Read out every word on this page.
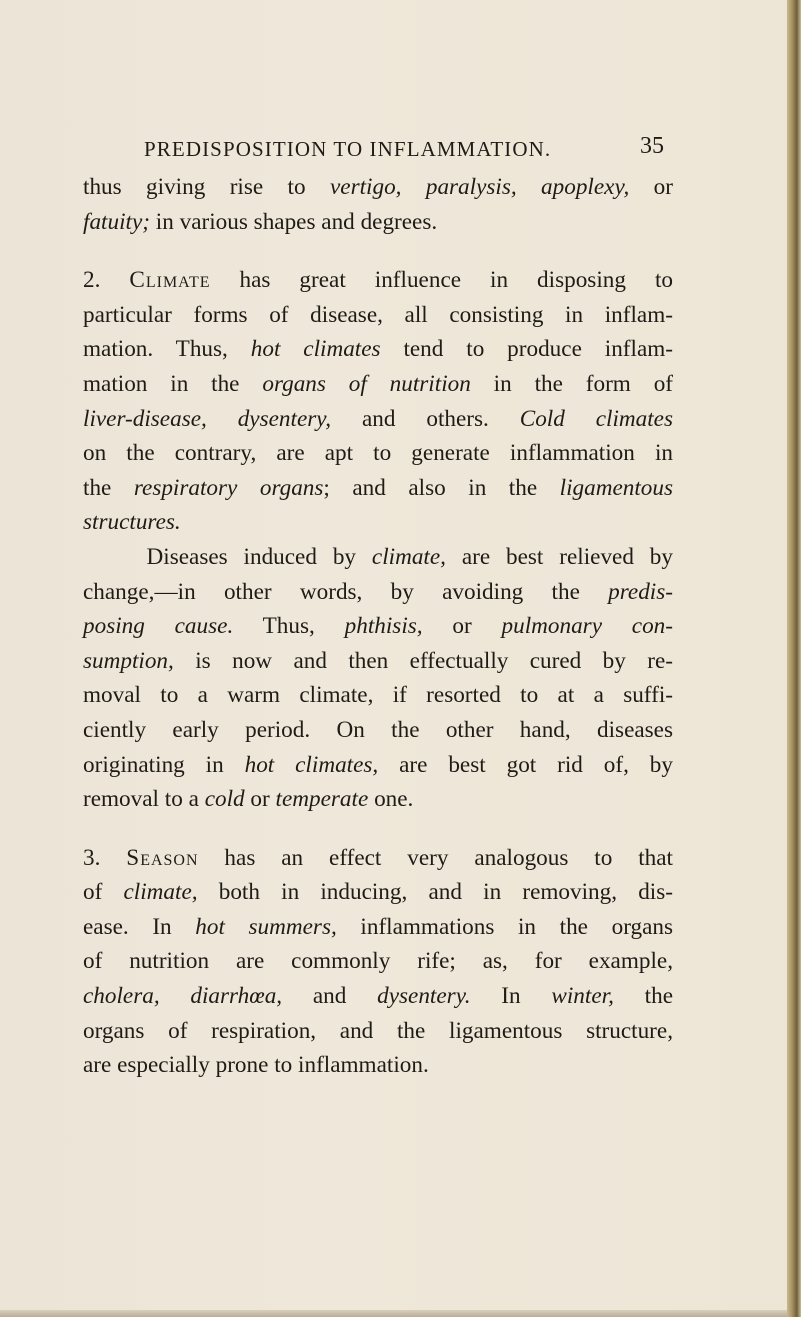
PREDISPOSITION TO INFLAMMATION.	35
thus giving rise to vertigo, paralysis, apoplexy, or
fatuity; in various shapes and degrees.
2. Climate has great influence in disposing to
particular forms of disease, all consisting in inflam-
mation. Thus, hot climates tend to produce inflam-
mation in the organs of nutrition in the form of
liver-disease, dysentery, and others. Cold climates
on the contrary, are apt to generate inflammation in
the respiratory organs; and also in the ligamentous
structures.
Diseases induced by climate, are best relieved by
change,—in other words, by avoiding the predis-
posing cause. Thus, phthisis, or pulmonary con-
sumption, is now and then effectually cured by re-
moval to a warm climate, if resorted to at a suffi-
ciently early period. On the other hand, diseases
originating in hot climates, are best got rid of, by
removal to a cold or temperate one.
3. Season has an effect very analogous to that
of climate, both in inducing, and in removing, dis-
ease. In hot summers, inflammations in the organs
of nutrition are commonly rife; as, for example,
cholera, diarrhœa, and dysentery. In winter, the
organs of respiration, and the ligamentous structure,
are especially prone to inflammation.
